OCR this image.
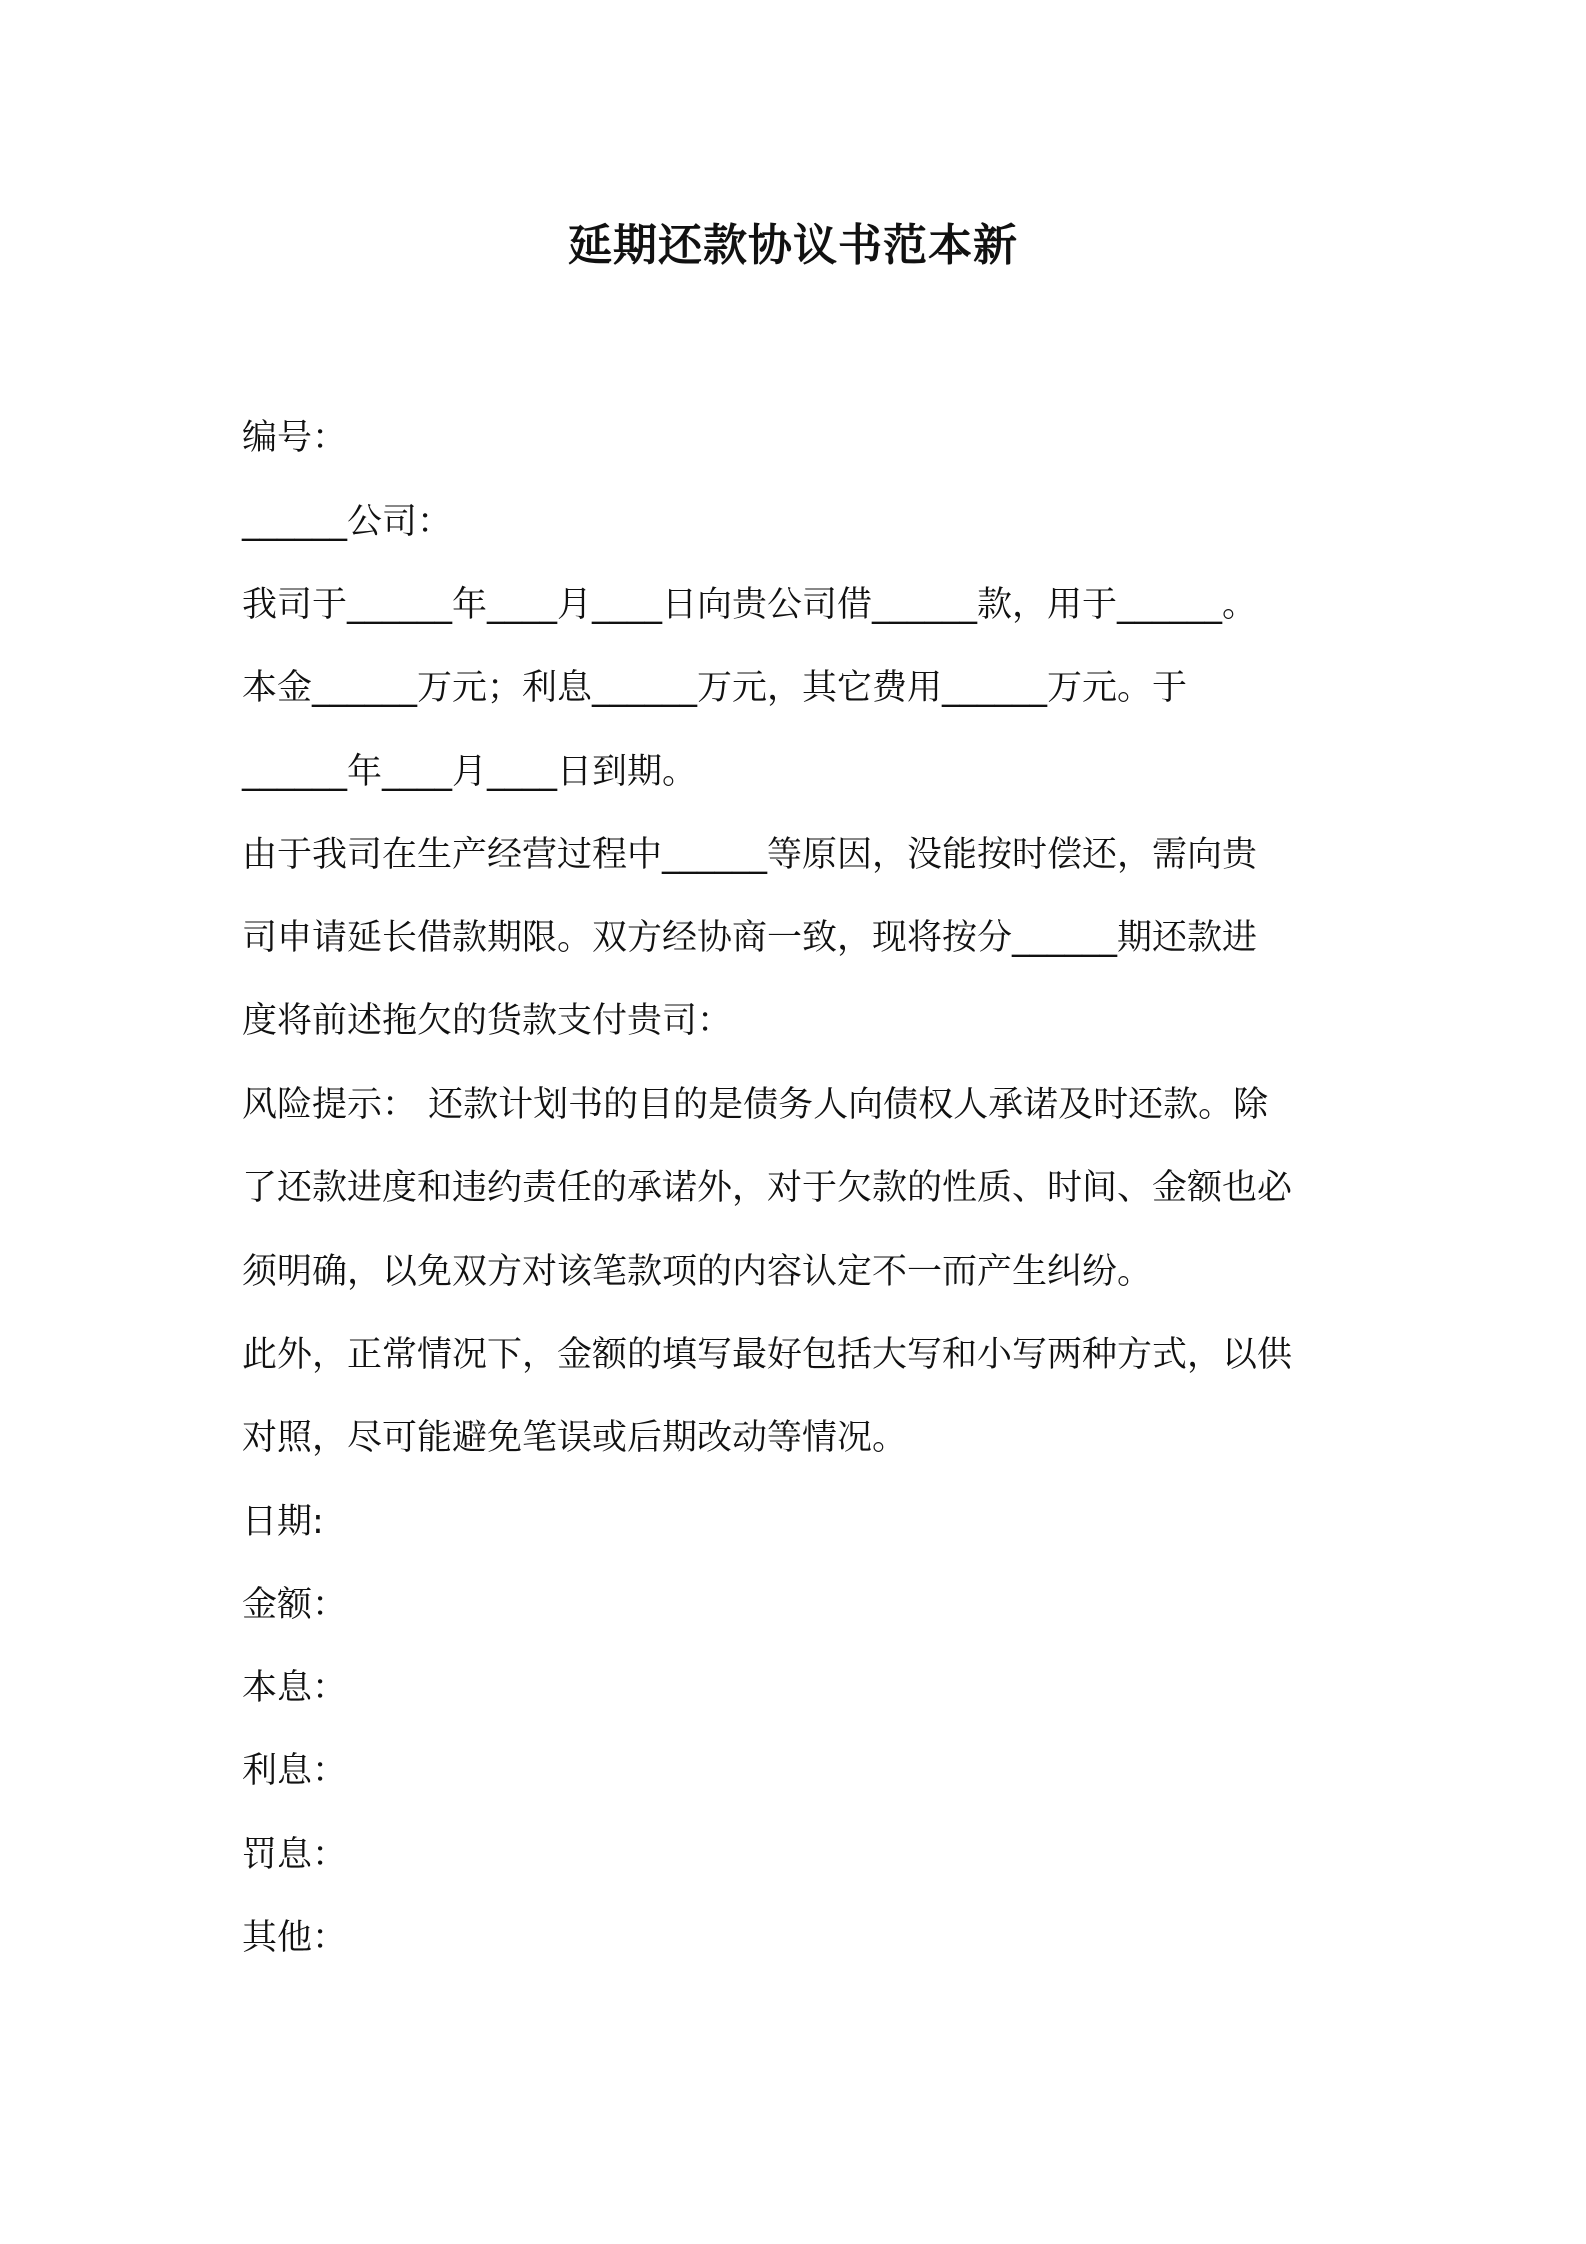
延期还款协议书范本新
编号：
______公司：
我司于______年____月____日向贵公司借______款，用于______。
本金______万元；利息______万元，其它费用______万元。于
______年____月____日到期。
由于我司在生产经营过程中______等原因，没能按时偿还，需向贵
司申请延长借款期限。双方经协商一致，现将按分______期还款进
度将前述拖欠的货款支付贵司：
风险提示： 还款计划书的目的是债务人向债权人承诺及时还款。除
了还款进度和违约责任的承诺外，对于欠款的性质、时间、金额也必
须明确，以免双方对该笔款项的内容认定不一而产生纠纷。
此外，正常情况下，金额的填写最好包括大写和小写两种方式，以供
对照，尽可能避免笔误或后期改动等情况。
日期:
金额：
本息：
利息：
罚息：
其他：
